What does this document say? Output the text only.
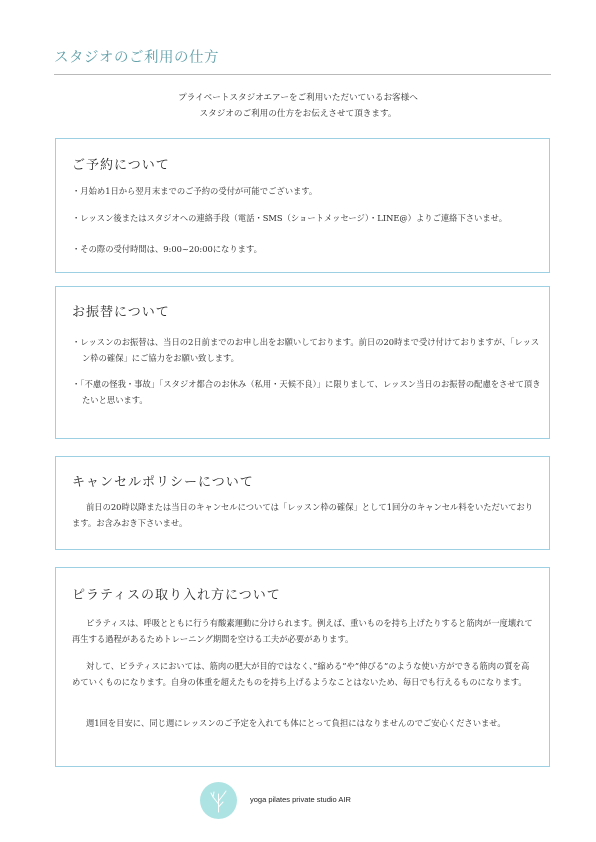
スタジオのご利用の仕方
プライベートスタジオエアーをご利用いただいているお客様へ
スタジオのご利用の仕方をお伝えさせて頂きます。
ご予約について

・月始め1日から翌月末までのご予約の受付が可能でございます。

・レッスン後またはスタジオへの連絡手段（電話・SMS（ショートメッセージ）・LINE@）よりご連絡下さいませ。

・その際の受付時間は、9:00~20:00になります。

お振替について

・レッスンのお振替は、当日の2日前までのお申し出をお願いしております。前日の20時まで受け付けておりますが、「レッスン枠の確保」にご協力をお願い致します。

・「不慮の怪我・事故」「スタジオ都合のお休み（私用・天候不良）」に限りまして、レッスン当日のお振替の配慮をさせて頂きたいと思います。

キャンセルポリシーについて

前日の20時以降または当日のキャンセルについては「レッスン枠の確保」として1回分のキャンセル料をいただいております。お含みおき下さいませ。

ピラティスの取り入れ方について

ピラティスは、呼吸とともに行う有酸素運動に分けられます。例えば、重いものを持ち上げたりすると筋肉が一度壊れて再生する過程があるためトレーニング期間を空ける工夫が必要があります。

対して、ピラティスにおいては、筋肉の肥大が目的ではなく、”縮める”や”伸びる”のような使い方ができる筋肉の質を高めていくものになります。自身の体重を超えたものを持ち上げるようなことはないため、毎日でも行えるものになります。

週1回を目安に、同じ週にレッスンのご予定を入れても体にとって負担にはなりませんのでご安心くださいませ。

yoga pilates private studio AIR
